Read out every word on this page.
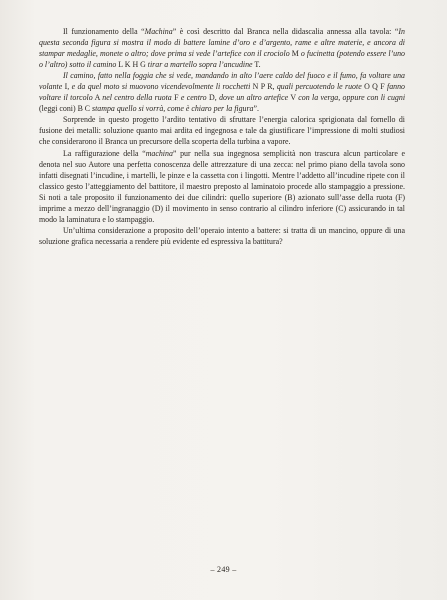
Il funzionamento della “Machina” è così descritto dal Branca nella didascalia annessa alla tavola: “In questa seconda figura si mostra il modo di battere lamine d’oro e d’argento, rame e altre materie, e ancora di stampar medaglie, monete o altro; dove prima si vede l’artefice con il crociolo M o fucinetta (potendo essere l’uno o l’altro) sotto il camino L K H G tirar a martello sopra l’ancudine T.

Il camino, fatto nella foggia che si vede, mandando in alto l’aere caldo del fuoco e il fumo, fa voltare una volante I, e da quel moto si muovono vicendevolmente li rocchetti N P R, quali percuotendo le ruote O Q F fanno voltare il torcolo A nel centro della ruota F e centro D, dove un altro artefice V con la verga, oppure con li cugni (leggi coni) B C stampa quello si vorrà, come è chiaro per la figura”.

Sorprende in questo progetto l’ardito tentativo di sfruttare l’energia calorica sprigionata dal fornello di fusione dei metalli: soluzione quanto mai ardita ed ingegnosa e tale da giustificare l’impressione di molti studiosi che considerarono il Branca un precursore della scoperta della turbina a vapore.

La raffigurazione della “machina” pur nella sua ingegnosa semplicità non trascura alcun particolare e denota nel suo Autore una perfetta conoscenza delle attrezzature di una zecca: nel primo piano della tavola sono infatti disegnati l’incudine, i martelli, le pinze e la cassetta con i lingotti. Mentre l’addetto all’incudine ripete con il classico gesto l’atteggiamento del battitore, il maestro preposto al laminatoio procede allo stampaggio a pressione. Si noti a tale proposito il funzionamento dei due cilindri: quello superiore (B) azionato sull’asse della ruota (F) imprime a mezzo dell’ingranaggio (D) il movimento in senso contrario al cilindro inferiore (C) assicurando in tal modo la laminatura e lo stampaggio.

Un’ultima considerazione a proposito dell’operaio intento a battere: si tratta di un mancino, oppure di una soluzione grafica necessaria a rendere più evidente ed espressiva la battitura?

– 249 –
